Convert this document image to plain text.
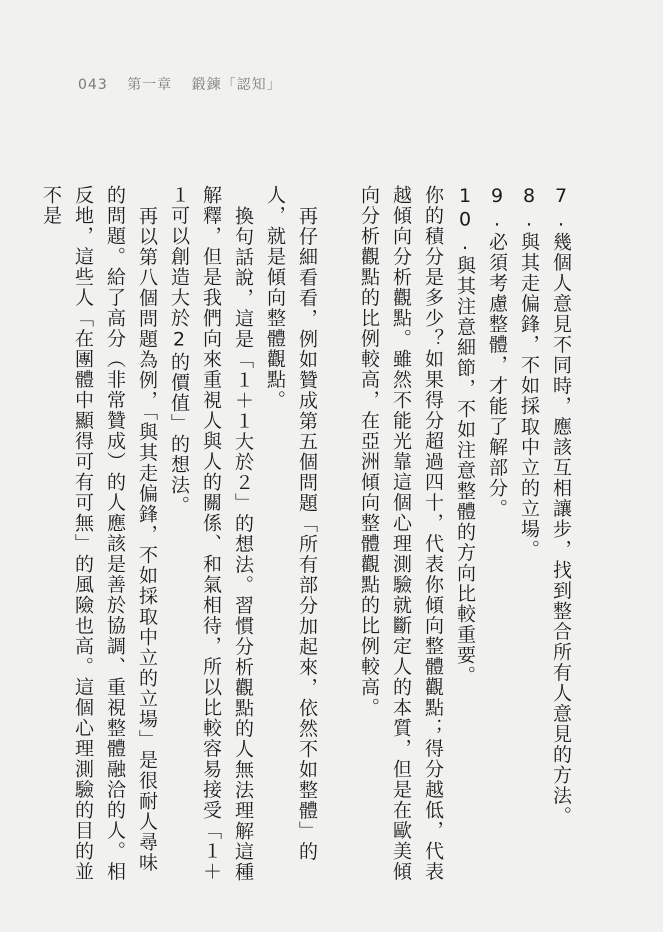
043 第一章 鍛鍊「認知」

7.幾個人意見不同時，應該互相讓步，找到整合所有人意見的方法。

8.與其走偏鋒，不如採取中立的立場。

9.必須考慮整體，才能了解部分。

10.與其注意細節，不如注意整體的方向比較重要。

你的積分是多少？如果得分超過四十，代表你傾向整體觀點；得分越低，代表越傾向分析觀點。雖然不能光靠這個心理測驗就斷定人的本質，但是在歐美傾向分析觀點的比例較高，在亞洲傾向整體觀點的比例較高。

再仔細看看，例如贊成第五個問題「所有部分加起來，依然不如整體」的人，就是傾向整體觀點。

換句話說，這是「１＋１大於２」的想法。習慣分析觀點的人無法理解這種解釋，但是我們向來重視人與人的關係、和氣相待，所以比較容易接受「１＋１可以創造大於2的價值」的想法。

再以第八個問題為例，「與其走偏鋒，不如採取中立的立場」是很耐人尋味的問題。給了高分（非常贊成）的人應該是善於協調、重視整體融洽的人。相反地，這些人「在團體中顯得可有可無」的風險也高。這個心理測驗的目的並不是
